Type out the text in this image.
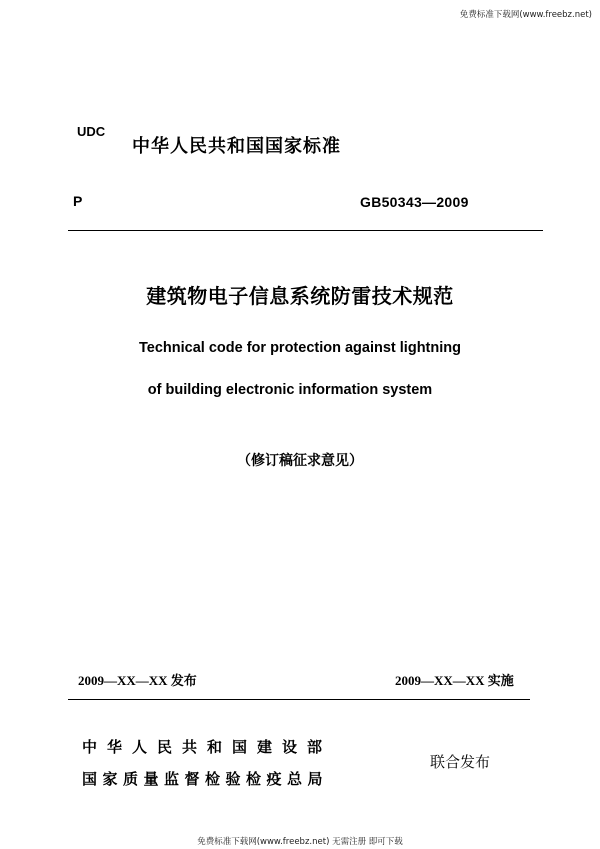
免费标准下载网(www.freebz.net)
UDC
中华人民共和国国家标准
P	GB50343—2009
建筑物电子信息系统防雷技术规范
Technical code for protection against lightning
of building electronic information system
（修订稿征求意见）
2009—XX—XX 发布	2009—XX—XX 实施
中华人民共和国建设部
国家质量监督检验检疫总局
联合发布
免费标准下载网(www.freebz.net) 无需注册 即可下载
